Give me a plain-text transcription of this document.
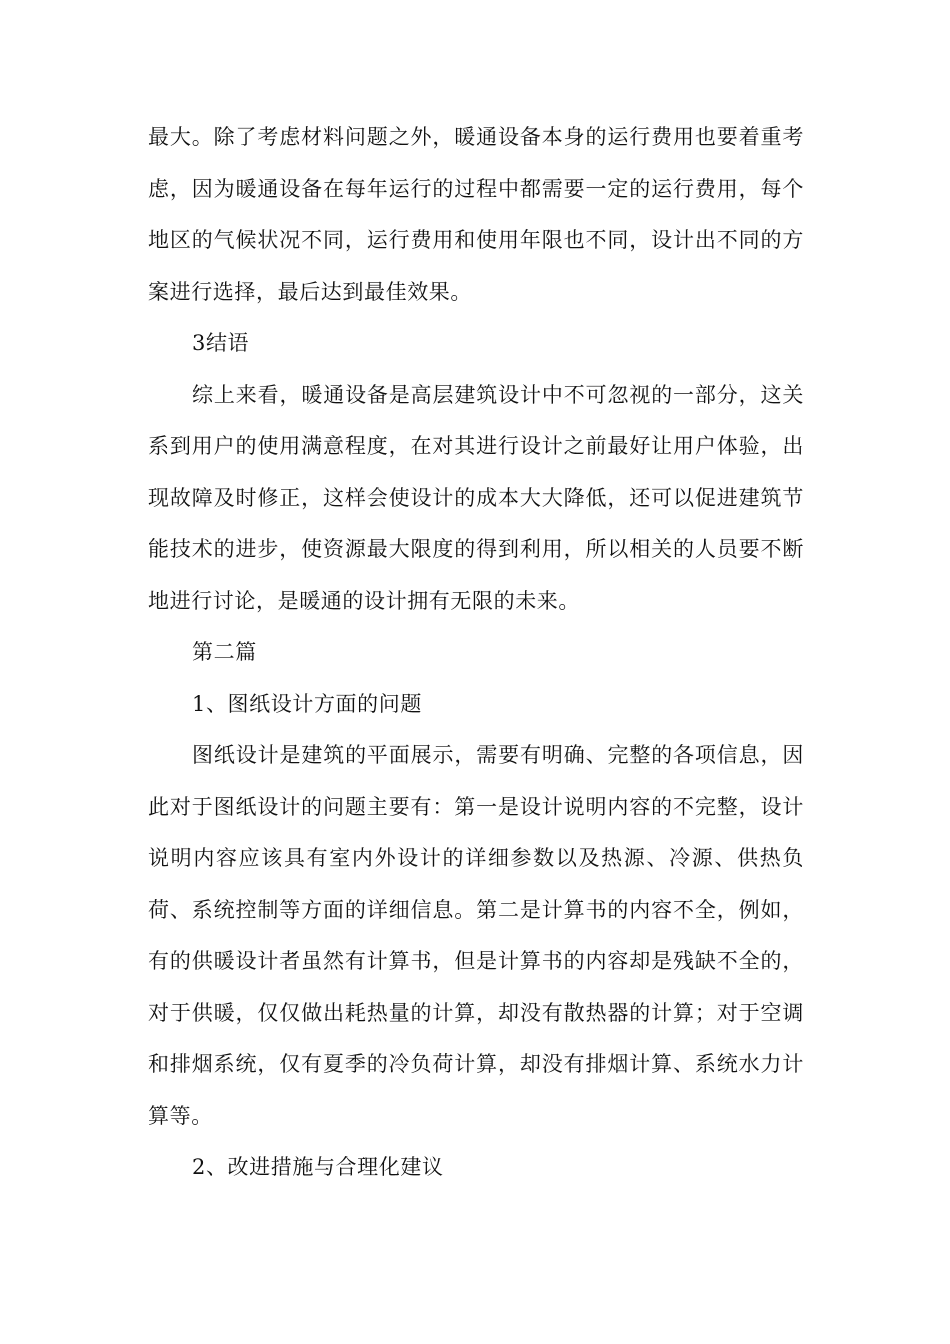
最大。除了考虑材料问题之外，暖通设备本身的运行费用也要着重考虑，因为暖通设备在每年运行的过程中都需要一定的运行费用，每个地区的气候状况不同，运行费用和使用年限也不同，设计出不同的方案进行选择，最后达到最佳效果。

3结语

综上来看，暖通设备是高层建筑设计中不可忽视的一部分，这关系到用户的使用满意程度，在对其进行设计之前最好让用户体验，出现故障及时修正，这样会使设计的成本大大降低，还可以促进建筑节能技术的进步，使资源最大限度的得到利用，所以相关的人员要不断地进行讨论，是暖通的设计拥有无限的未来。

第二篇

1、图纸设计方面的问题

图纸设计是建筑的平面展示，需要有明确、完整的各项信息，因此对于图纸设计的问题主要有：第一是设计说明内容的不完整，设计说明内容应该具有室内外设计的详细参数以及热源、冷源、供热负荷、系统控制等方面的详细信息。第二是计算书的内容不全，例如，有的供暖设计者虽然有计算书，但是计算书的内容却是残缺不全的，对于供暖，仅仅做出耗热量的计算，却没有散热器的计算；对于空调和排烟系统，仅有夏季的冷负荷计算，却没有排烟计算、系统水力计算等。

2、改进措施与合理化建议
